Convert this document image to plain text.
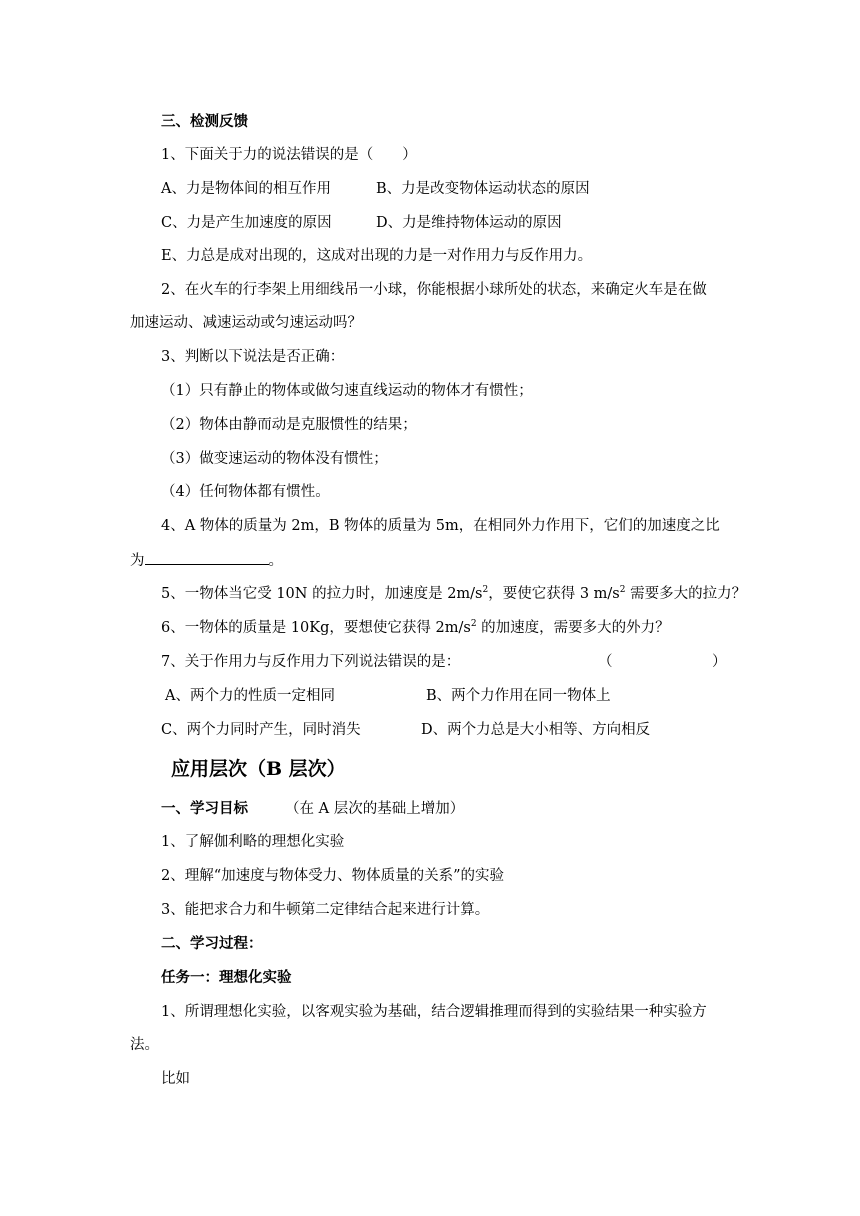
三、检测反馈
1、下面关于力的说法错误的是（　　）
A、力是物体间的相互作用	B、力是改变物体运动状态的原因
C、力是产生加速度的原因	D、力是维持物体运动的原因
E、力总是成对出现的，这成对出现的力是一对作用力与反作用力。
2、在火车的行李架上用细线吊一小球，你能根据小球所处的状态，来确定火车是在做
加速运动、减速运动或匀速运动吗？
3、判断以下说法是否正确：
（1）只有静止的物体或做匀速直线运动的物体才有惯性；
（2）物体由静而动是克服惯性的结果；
（3）做变速运动的物体没有惯性；
（4）任何物体都有惯性。
4、A 物体的质量为 2m，B 物体的质量为 5m，在相同外力作用下，它们的加速度之比
为	。
5、一物体当它受 10N 的拉力时，加速度是 $2m/s^2$，要使它获得 3 $m/s^2$ 需要多大的拉力？
6、一物体的质量是 10Kg，要想使它获得 $2m/s^2$ 的加速度，需要多大的外力？
7、关于作用力与反作用力下列说法错误的是：	（	）
A、两个力的性质一定相同	B、两个力作用在同一物体上
C、两个力同时产生，同时消失	D、两个力总是大小相等、方向相反
应用层次（B 层次）
一、学习目标	（在 A 层次的基础上增加）
1、了解伽利略的理想化实验
2、理解“加速度与物体受力、物体质量的关系”的实验
3、能把求合力和牛顿第二定律结合起来进行计算。
二、学习过程：
任务一：理想化实验
1、所谓理想化实验，以客观实验为基础，结合逻辑推理而得到的实验结果一种实验方
法。
比如
